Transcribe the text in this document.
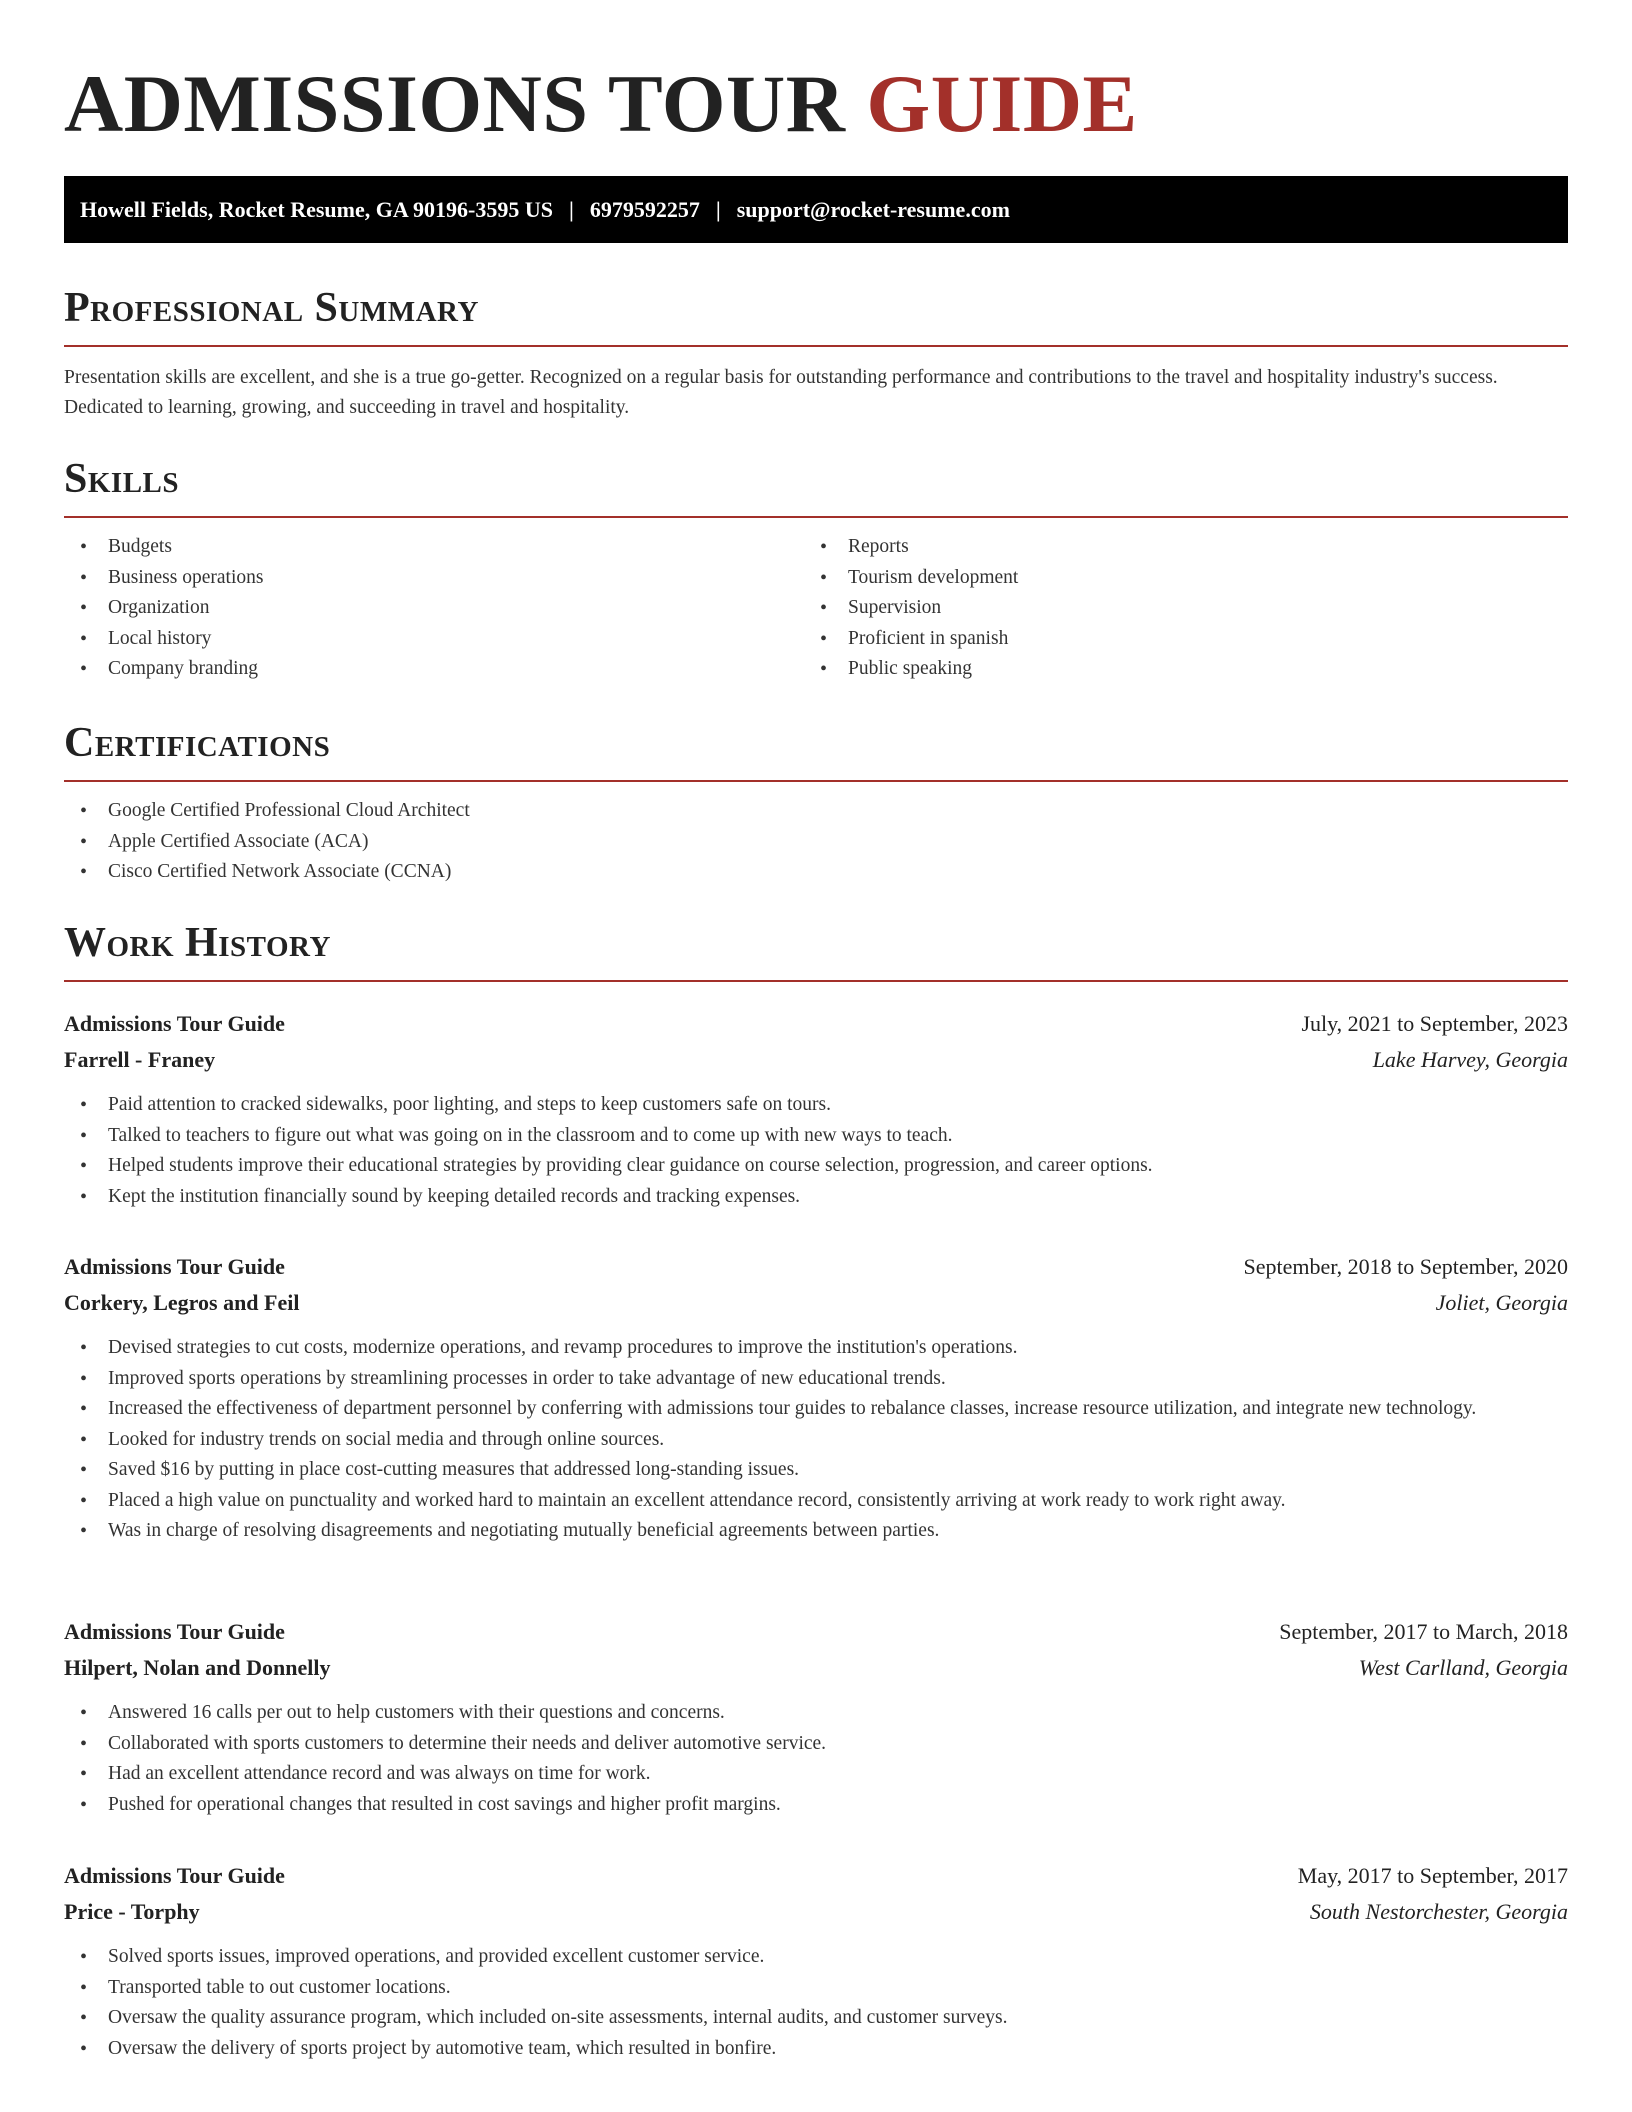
ADMISSIONS TOUR GUIDE
Howell Fields, Rocket Resume, GA 90196-3595 US | 6979592257 | support@rocket-resume.com
Professional Summary

Presentation skills are excellent, and she is a true go-getter. Recognized on a regular basis for outstanding performance and contributions to the travel and hospitality industry's success. Dedicated to learning, growing, and succeeding in travel and hospitality.

Skills
• Budgets
• Business operations
• Organization
• Local history
• Company branding
• Reports
• Tourism development
• Supervision
• Proficient in spanish
• Public speaking
Certifications
• Google Certified Professional Cloud Architect
• Apple Certified Associate (ACA)
• Cisco Certified Network Associate (CCNA)
Work History
Admissions Tour Guide	July, 2021 to September, 2023
Farrell - Franey	Lake Harvey, Georgia
• Paid attention to cracked sidewalks, poor lighting, and steps to keep customers safe on tours.
• Talked to teachers to figure out what was going on in the classroom and to come up with new ways to teach.
• Helped students improve their educational strategies by providing clear guidance on course selection, progression, and career options.
• Kept the institution financially sound by keeping detailed records and tracking expenses.
Admissions Tour Guide	September, 2018 to September, 2020
Corkery, Legros and Feil	Joliet, Georgia
• Devised strategies to cut costs, modernize operations, and revamp procedures to improve the institution's operations.
• Improved sports operations by streamlining processes in order to take advantage of new educational trends.
• Increased the effectiveness of department personnel by conferring with admissions tour guides to rebalance classes, increase resource utilization, and integrate new technology.
• Looked for industry trends on social media and through online sources.
• Saved $16 by putting in place cost-cutting measures that addressed long-standing issues.
• Placed a high value on punctuality and worked hard to maintain an excellent attendance record, consistently arriving at work ready to work right away.
• Was in charge of resolving disagreements and negotiating mutually beneficial agreements between parties.
Admissions Tour Guide	September, 2017 to March, 2018
Hilpert, Nolan and Donnelly	West Carlland, Georgia
• Answered 16 calls per out to help customers with their questions and concerns.
• Collaborated with sports customers to determine their needs and deliver automotive service.
• Had an excellent attendance record and was always on time for work.
• Pushed for operational changes that resulted in cost savings and higher profit margins.
Admissions Tour Guide	May, 2017 to September, 2017
Price - Torphy	South Nestorchester, Georgia
• Solved sports issues, improved operations, and provided excellent customer service.
• Transported table to out customer locations.
• Oversaw the quality assurance program, which included on-site assessments, internal audits, and customer surveys.
• Oversaw the delivery of sports project by automotive team, which resulted in bonfire.
